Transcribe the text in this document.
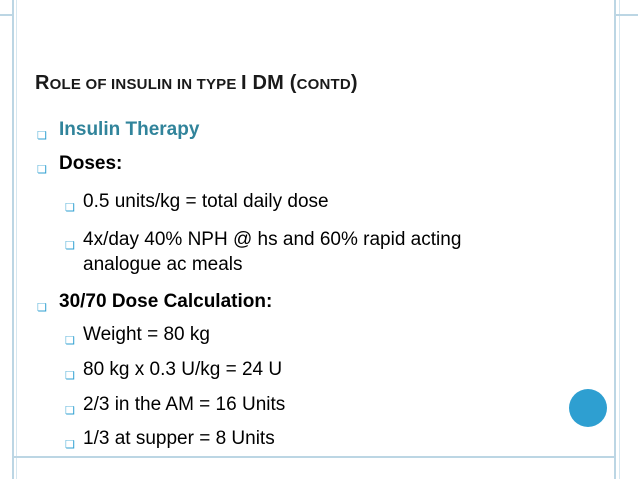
ROLE OF INSULIN IN TYPE I DM (CONTD)
❏ Insulin Therapy
❏ Doses:
❏ 0.5 units/kg = total daily dose
❏ 4x/day 40% NPH @ hs and 60% rapid acting
analogue ac meals
❏ 30/70 Dose Calculation:
❏ Weight = 80 kg
❏ 80 kg x 0.3 U/kg = 24 U
❏ 2/3 in the AM = 16 Units
❏ 1/3 at supper = 8 Units
